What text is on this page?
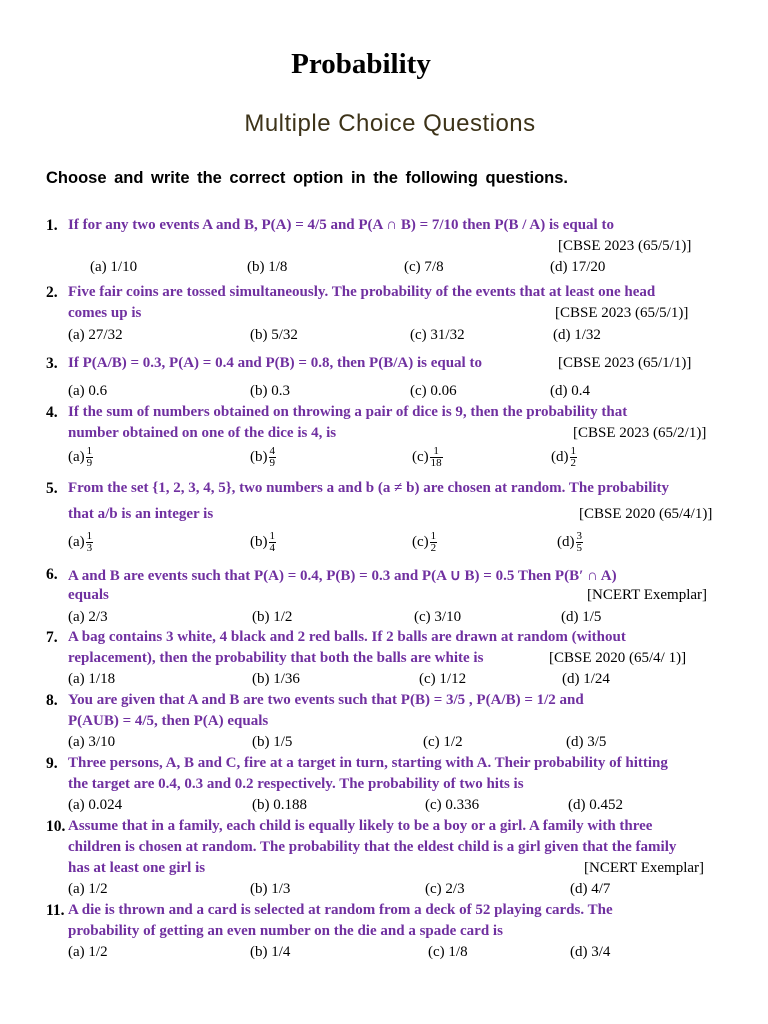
Probability
Multiple Choice Questions
Choose and write the correct option in the following questions.
1. If for any two events A and B, P(A) = 4/5 and P(A ∩ B) = 7/10 then P(B / A) is equal to
[CBSE 2023 (65/5/1)]
(a) 1/10	(b) 1/8	(c) 7/8	(d) 17/20
2. Five fair coins are tossed simultaneously. The probability of the events that at least one head
comes up is	[CBSE 2023 (65/5/1)]
(a) 27/32	(b) 5/32	(c) 31/32	(d) 1/32
3. If P(A/B) = 0.3, P(A) = 0.4 and P(B) = 0.8, then P(B/A) is equal to	[CBSE 2023 (65/1/1)]
(a) 0.6	(b) 0.3	(c) 0.06	(d) 0.4
4. If the sum of numbers obtained on throwing a pair of dice is 9, then the probability that
number obtained on one of the dice is 4, is	[CBSE 2023 (65/2/1)]
$(a) \frac{1}{9}$	$(b) \frac{4}{9}$	$(c) \frac{1}{18}$	$(d) \frac{1}{2}$
5. From the set {1, 2, 3, 4, 5}, two numbers a and b (a ≠ b) are chosen at random. The probability
that a/b is an integer is	[CBSE 2020 (65/4/1)]
$(a) \frac{1}{3}$	$(b) \frac{1}{4}$	$(c) \frac{1}{2}$	$(d) \frac{3}{5}$
6. A and B are events such that P(A) = 0.4, P(B) = 0.3 and P(A ∪ B) = 0.5 Then P(B′ ∩ A)
equals	[NCERT Exemplar]
(a) 2/3	(b) 1/2	(c) 3/10	(d) 1/5
7. A bag contains 3 white, 4 black and 2 red balls. If 2 balls are drawn at random (without
replacement), then the probability that both the balls are white is	[CBSE 2020 (65/4/ 1)]
(a) 1/18	(b) 1/36	(c) 1/12	(d) 1/24
8. You are given that A and B are two events such that P(B) = 3/5 , P(A/B) = 1/2 and
P(AUB) = 4/5, then P(A) equals
(a) 3/10	(b) 1/5	(c) 1/2	(d) 3/5
9. Three persons, A, B and C, fire at a target in turn, starting with A. Their probability of hitting
the target are 0.4, 0.3 and 0.2 respectively. The probability of two hits is
(a) 0.024	(b) 0.188	(c) 0.336	(d) 0.452
10. Assume that in a family, each child is equally likely to be a boy or a girl. A family with three
children is chosen at random. The probability that the eldest child is a girl given that the family
has at least one girl is	[NCERT Exemplar]
(a) 1/2	(b) 1/3	(c) 2/3	(d) 4/7
11. A die is thrown and a card is selected at random from a deck of 52 playing cards. The
probability of getting an even number on the die and a spade card is
(a) 1/2	(b) 1/4	(c) 1/8	(d) 3/4
